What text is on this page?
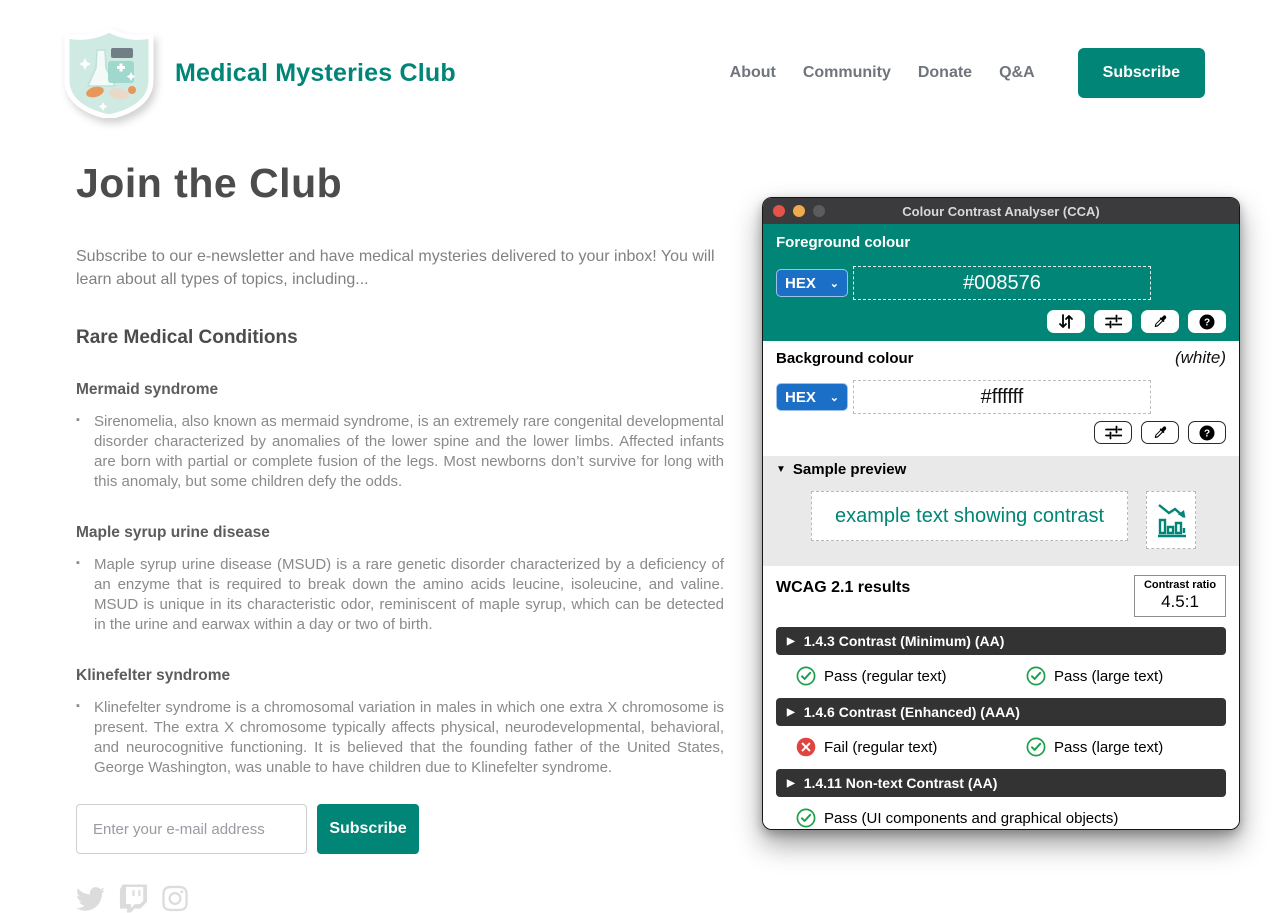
Medical Mysteries Club	About Community Donate Q&A	Subscribe
Join the Club

Subscribe to our e-newsletter and have medical mysteries delivered to your inbox! You will learn about all types of topics, including...

Rare Medical Conditions
Mermaid syndrome

▪ Sirenomelia, also known as mermaid syndrome, is an extremely rare congenital developmental disorder characterized by anomalies of the lower spine and the lower limbs. Affected infants are born with partial or complete fusion of the legs. Most newborns don’t survive for long with this anomaly, but some children defy the odds.

Maple syrup urine disease

▪ Maple syrup urine disease (MSUD) is a rare genetic disorder characterized by a deficiency of an enzyme that is required to break down the amino acids leucine, isoleucine, and valine. MSUD is unique in its characteristic odor, reminiscent of maple syrup, which can be detected in the urine and earwax within a day or two of birth.

Klinefelter syndrome

▪ Klinefelter syndrome is a chromosomal variation in males in which one extra X chromosome is present. The extra X chromosome typically affects physical, neurodevelopmental, behavioral, and neurocognitive functioning. It is believed that the founding father of the United States, George Washington, was unable to have children due to Klinefelter syndrome.

Enter your e-mail address
Subscribe
Colour Contrast Analyser (CCA)
Foreground colour
HEX ⌄
#008576
?
Background colour	(white)
HEX ⌄
#ffffff
?
▼ Sample preview
example text showing contrast
WCAG 2.1 results	Contrast ratio
4.5:1
▶ 1.4.3 Contrast (Minimum) (AA)
Pass (regular text)	Pass (large text)
▶ 1.4.6 Contrast (Enhanced) (AAA)
Fail (regular text)	Pass (large text)
▶ 1.4.11 Non-text Contrast (AA)
Pass (UI components and graphical objects)
